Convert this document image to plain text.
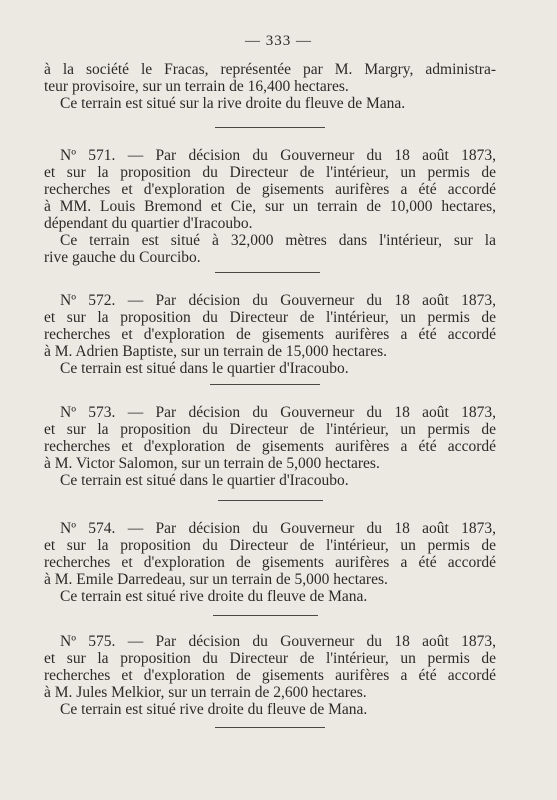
— 333 —
à la société le Fracas, représentée par M. Margry, administra-
teur provisoire, sur un terrain de 16,400 hectares.
Ce terrain est situé sur la rive droite du fleuve de Mana.
Nº 571. — Par décision du Gouverneur du 18 août 1873,
et sur la proposition du Directeur de l'intérieur, un permis de
recherches et d'exploration de gisements aurifères a été accordé
à MM. Louis Bremond et Cie, sur un terrain de 10,000 hectares,
dépendant du quartier d'Iracoubo.
Ce terrain est situé à 32,000 mètres dans l'intérieur, sur la
rive gauche du Courcibo.
Nº 572. — Par décision du Gouverneur du 18 août 1873,
et sur la proposition du Directeur de l'intérieur, un permis de
recherches et d'exploration de gisements aurifères a été accordé
à M. Adrien Baptiste, sur un terrain de 15,000 hectares.
Ce terrain est situé dans le quartier d'Iracoubo.
Nº 573. — Par décision du Gouverneur du 18 août 1873,
et sur la proposition du Directeur de l'intérieur, un permis de
recherches et d'exploration de gisements aurifères a été accordé
à M. Victor Salomon, sur un terrain de 5,000 hectares.
Ce terrain est situé dans le quartier d'Iracoubo.
Nº 574. — Par décision du Gouverneur du 18 août 1873,
et sur la proposition du Directeur de l'intérieur, un permis de
recherches et d'exploration de gisements aurifères a été accordé
à M. Emile Darredeau, sur un terrain de 5,000 hectares.
Ce terrain est situé rive droite du fleuve de Mana.
Nº 575. — Par décision du Gouverneur du 18 août 1873,
et sur la proposition du Directeur de l'intérieur, un permis de
recherches et d'exploration de gisements aurifères a été accordé
à M. Jules Melkior, sur un terrain de 2,600 hectares.
Ce terrain est situé rive droite du fleuve de Mana.
